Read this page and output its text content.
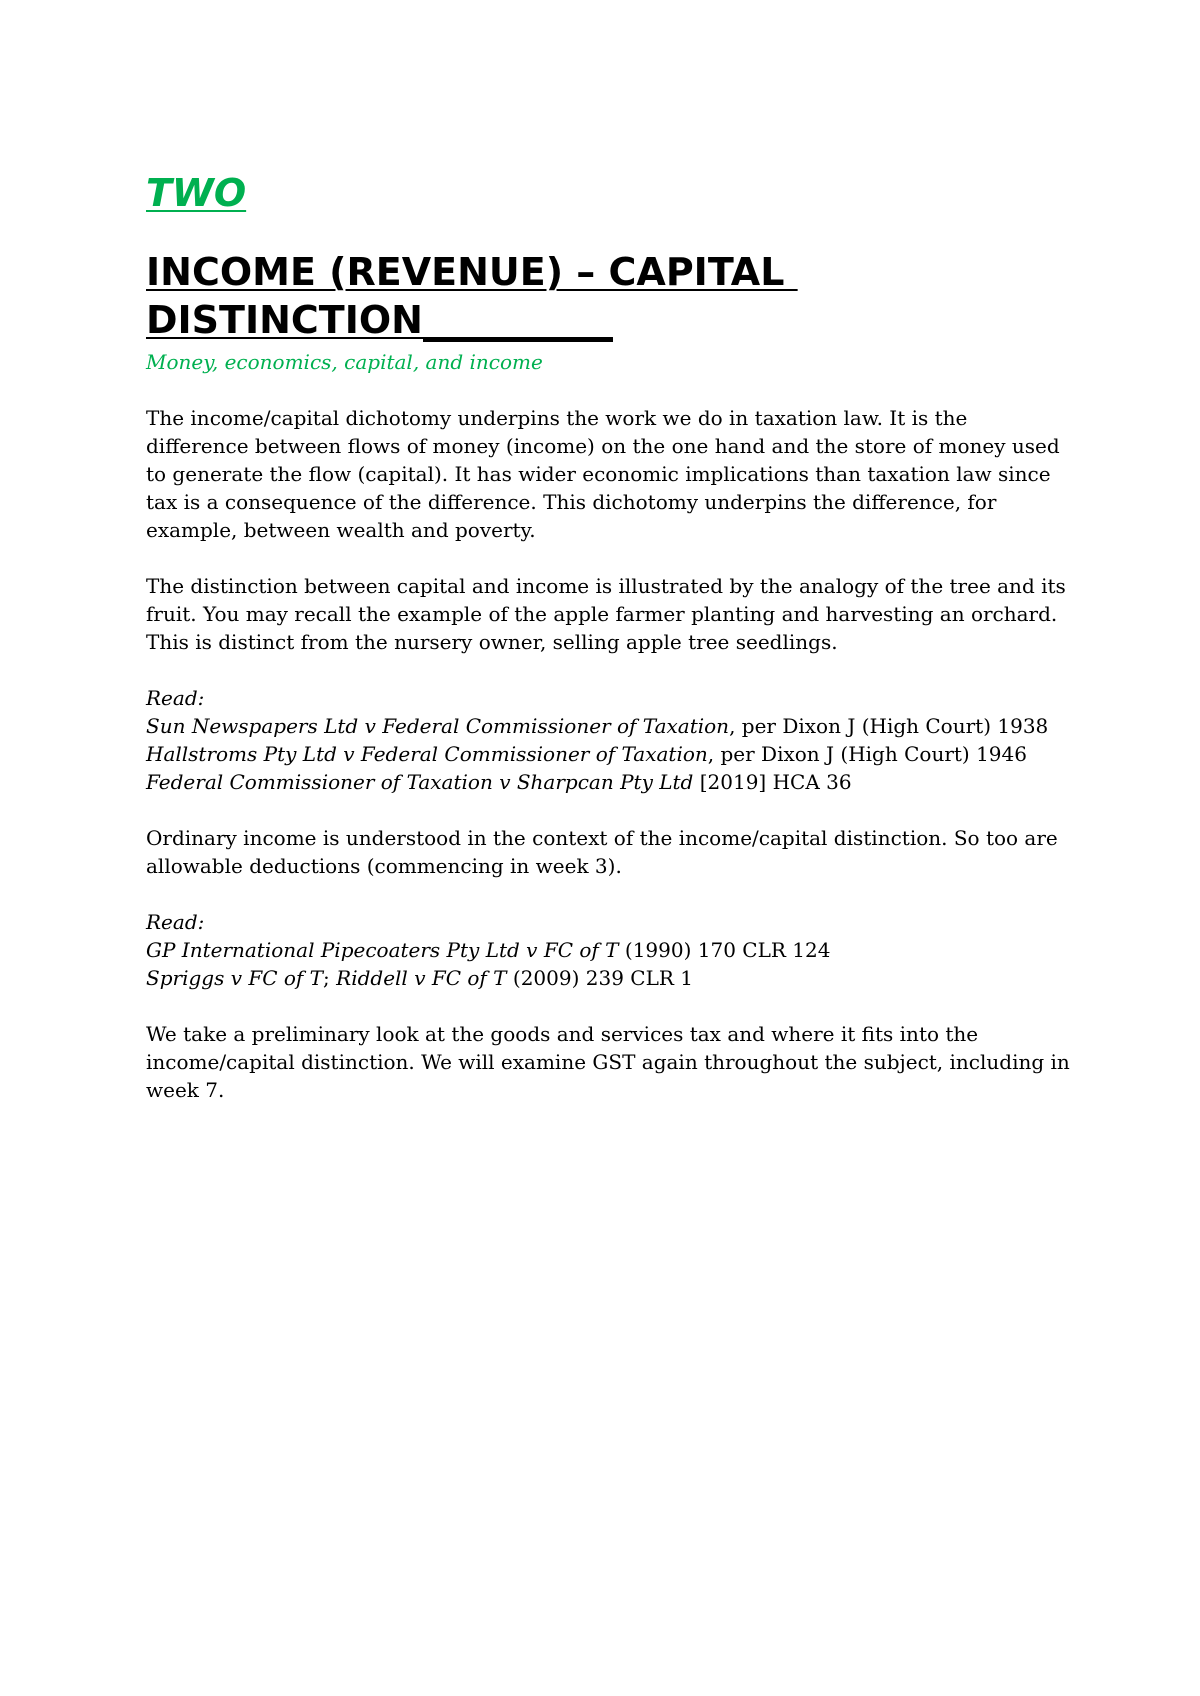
TWO
INCOME (REVENUE) – CAPITAL
DISTINCTION__________
Money, economics, capital, and income

The income/capital dichotomy underpins the work we do in taxation law. It is the difference between flows of money (income) on the one hand and the store of money used to generate the flow (capital). It has wider economic implications than taxation law since tax is a consequence of the difference. This dichotomy underpins the difference, for example, between wealth and poverty.

The distinction between capital and income is illustrated by the analogy of the tree and its fruit. You may recall the example of the apple farmer planting and harvesting an orchard. This is distinct from the nursery owner, selling apple tree seedlings.

Read:
Sun Newspapers Ltd v Federal Commissioner of Taxation, per Dixon J (High Court) 1938
Hallstroms Pty Ltd v Federal Commissioner of Taxation, per Dixon J (High Court) 1946
Federal Commissioner of Taxation v Sharpcan Pty Ltd [2019] HCA 36

Ordinary income is understood in the context of the income/capital distinction. So too are allowable deductions (commencing in week 3).

Read:
GP International Pipecoaters Pty Ltd v FC of T (1990) 170 CLR 124
Spriggs v FC of T; Riddell v FC of T (2009) 239 CLR 1

We take a preliminary look at the goods and services tax and where it fits into the income/capital distinction. We will examine GST again throughout the subject, including in week 7.
